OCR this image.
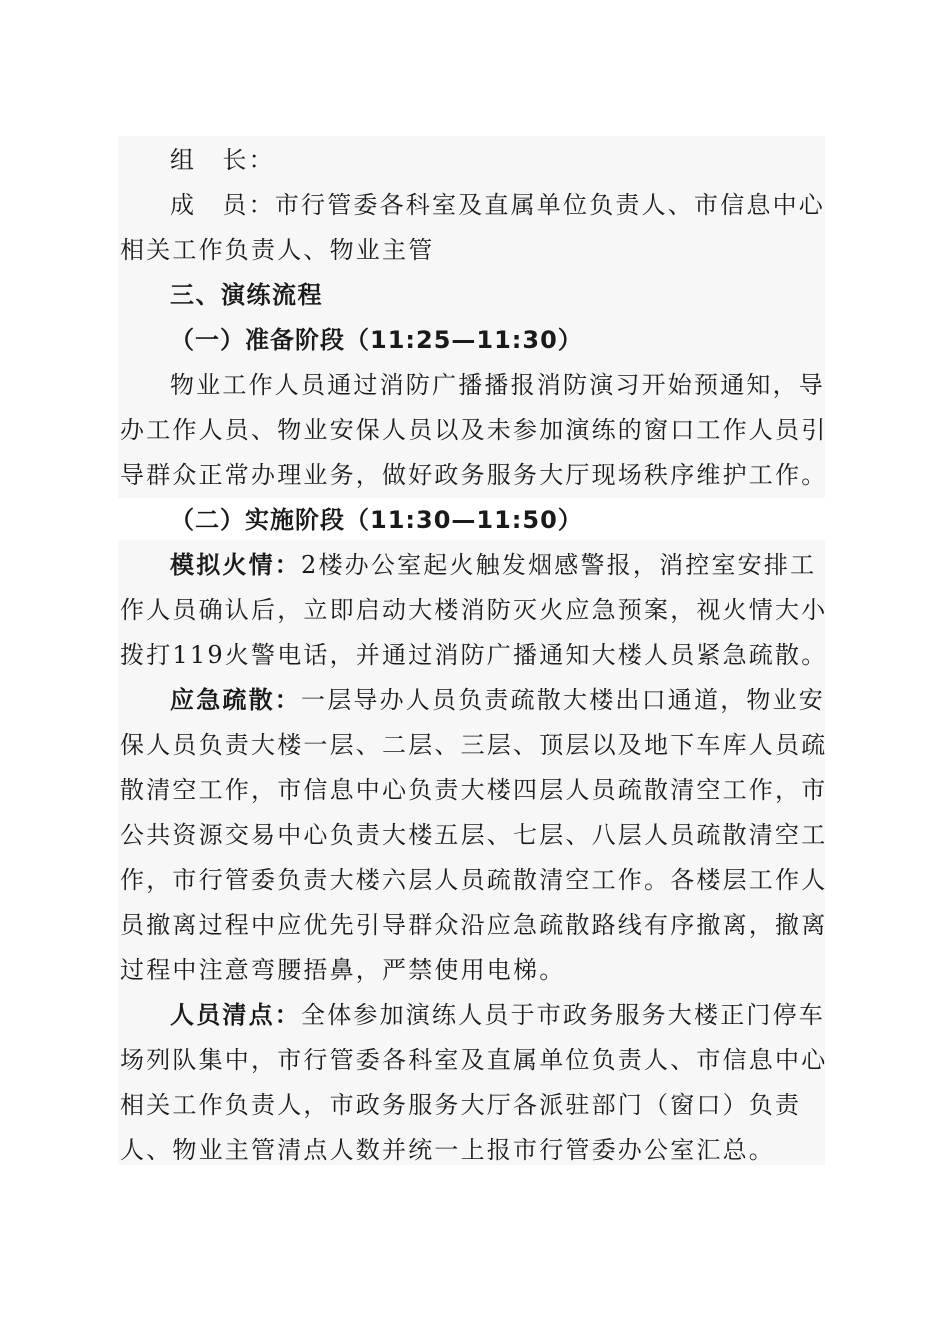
组　长：
成　员：市行管委各科室及直属单位负责人、市信息中心
相关工作负责人、物业主管
三、演练流程
（一）准备阶段（11:25—11:30）
物业工作人员通过消防广播播报消防演习开始预通知，导
办工作人员、物业安保人员以及未参加演练的窗口工作人员引
导群众正常办理业务，做好政务服务大厅现场秩序维护工作。
（二）实施阶段（11:30—11:50）
模拟火情：2楼办公室起火触发烟感警报，消控室安排工
作人员确认后，立即启动大楼消防灭火应急预案，视火情大小
拨打119火警电话，并通过消防广播通知大楼人员紧急疏散。
应急疏散：一层导办人员负责疏散大楼出口通道，物业安
保人员负责大楼一层、二层、三层、顶层以及地下车库人员疏
散清空工作，市信息中心负责大楼四层人员疏散清空工作，市
公共资源交易中心负责大楼五层、七层、八层人员疏散清空工
作，市行管委负责大楼六层人员疏散清空工作。各楼层工作人
员撤离过程中应优先引导群众沿应急疏散路线有序撤离，撤离
过程中注意弯腰捂鼻，严禁使用电梯。
人员清点：全体参加演练人员于市政务服务大楼正门停车
场列队集中，市行管委各科室及直属单位负责人、市信息中心
相关工作负责人，市政务服务大厅各派驻部门（窗口）负责
人、物业主管清点人数并统一上报市行管委办公室汇总。
